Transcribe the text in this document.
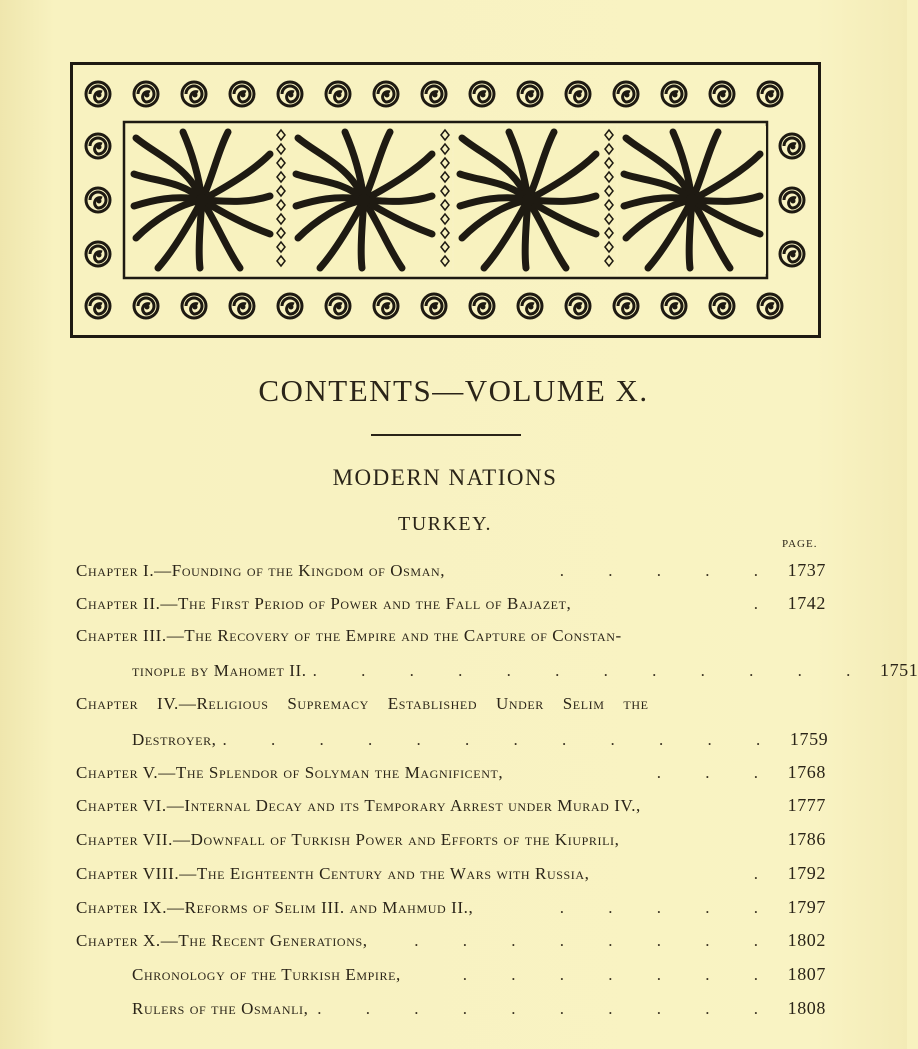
CONTENTS—VOLUME X.
MODERN NATIONS
TURKEY.
PAGE.
Chapter I.—Founding of the Kingdom of Osman,	. . . . . 1737
Chapter II.—The First Period of Power and the Fall of Bajazet,	. 1742
Chapter III.—The Recovery of the Empire and the Capture of Constan-
tinople by Mahomet II. . . . . . . . . . . . . 1751
Chapter IV.—Religious Supremacy Established Under Selim the
Destroyer, . . . . . . . . . . . . 1759
Chapter V.—The Splendor of Solyman the Magnificent,	. . . 1768
Chapter VI.—Internal Decay and its Temporary Arrest under Murad IV.,	1777
Chapter VII.—Downfall of Turkish Power and Efforts of the Kiuprili,	1786
Chapter VIII.—The Eighteenth Century and the Wars with Russia,	. 1792
Chapter IX.—Reforms of Selim III. and Mahmud II.,	. . . . . 1797
Chapter X.—The Recent Generations,	. . . . . . . . 1802
Chronology of the Turkish Empire,	. . . . . . . 1807
Rulers of the Osmanli, . . . . . . . . . . 1808
